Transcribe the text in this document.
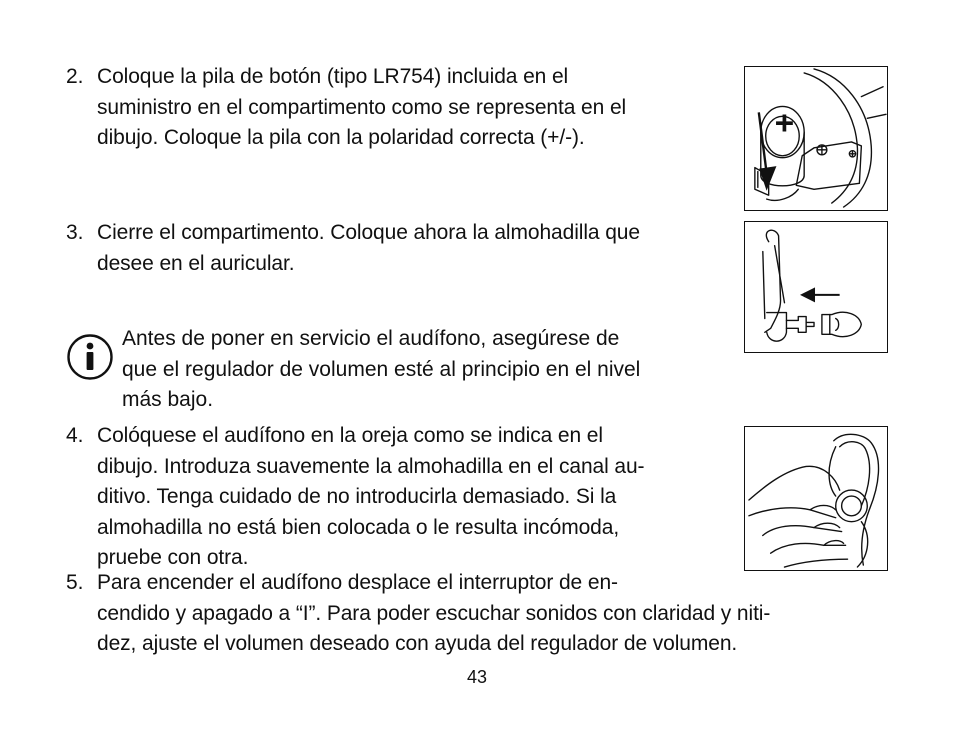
2. Coloque la pila de botón (tipo LR754) incluida en el
suministro en el compartimento como se representa en el
dibujo. Coloque la pila con la polaridad correcta (+/-).
3. Cierre el compartimento. Coloque ahora la almohadilla que
desee en el auricular.
Antes de poner en servicio el audífono, asegúrese de
que el regulador de volumen esté al principio en el nivel
más bajo.
4. Colóquese el audífono en la oreja como se indica en el
dibujo. Introduza suavemente la almohadilla en el canal au-
ditivo. Tenga cuidado de no introducirla demasiado. Si la
almohadilla no está bien colocada o le resulta incómoda,
pruebe con otra.
5. Para encender el audífono desplace el interruptor de en-
cendido y apagado a “I”. Para poder escuchar sonidos con claridad y niti-
dez, ajuste el volumen deseado con ayuda del regulador de volumen.
+
43
